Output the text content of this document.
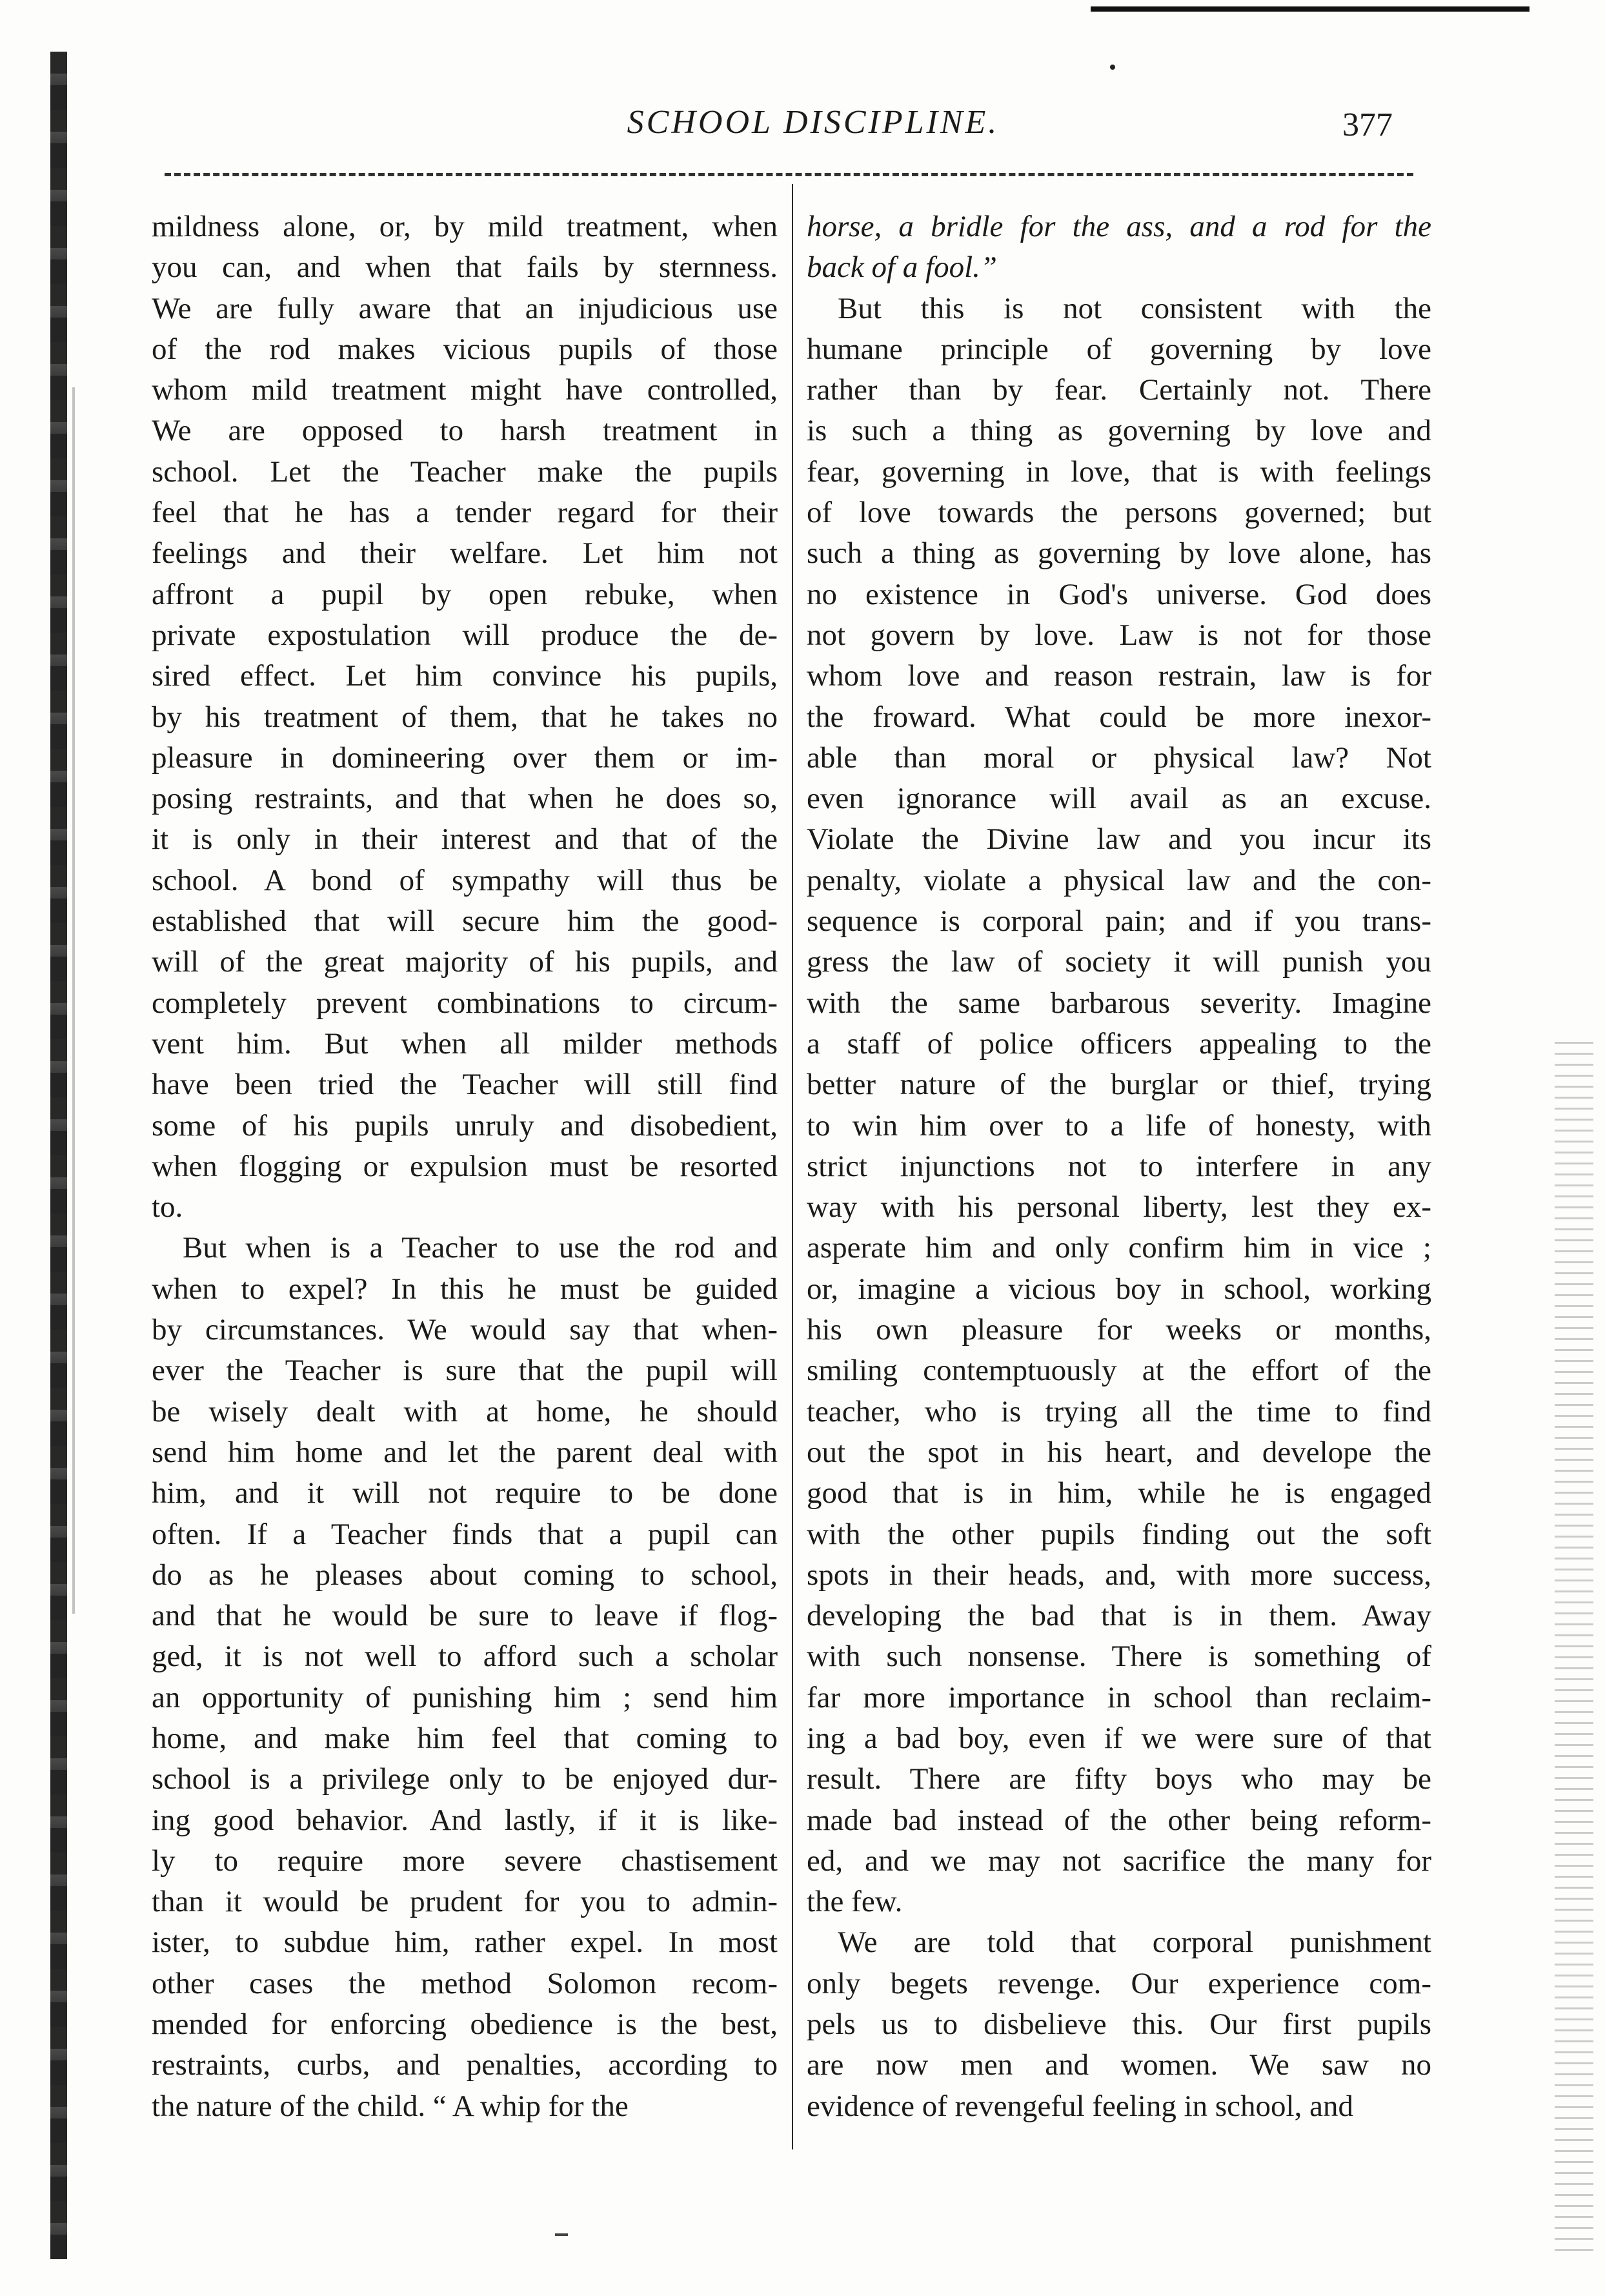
SCHOOL DISCIPLINE.	377
mildness alone, or, by mild treatment, when
you can, and when that fails by sternness.
We are fully aware that an injudicious use
of the rod makes vicious pupils of those
whom mild treatment might have controlled,
We are opposed to harsh treatment in
school. Let the Teacher make the pupils
feel that he has a tender regard for their
feelings and their welfare. Let him not
affront a pupil by open rebuke, when
private expostulation will produce the de-
sired effect. Let him convince his pupils,
by his treatment of them, that he takes no
pleasure in domineering over them or im-
posing restraints, and that when he does so,
it is only in their interest and that of the
school. A bond of sympathy will thus be
established that will secure him the good-
will of the great majority of his pupils, and
completely prevent combinations to circum-
vent him. But when all milder methods
have been tried the Teacher will still find
some of his pupils unruly and disobedient,
when flogging or expulsion must be resorted
to.
But when is a Teacher to use the rod and
when to expel? In this he must be guided
by circumstances. We would say that when-
ever the Teacher is sure that the pupil will
be wisely dealt with at home, he should
send him home and let the parent deal with
him, and it will not require to be done
often. If a Teacher finds that a pupil can
do as he pleases about coming to school,
and that he would be sure to leave if flog-
ged, it is not well to afford such a scholar
an opportunity of punishing him ; send him
home, and make him feel that coming to
school is a privilege only to be enjoyed dur-
ing good behavior. And lastly, if it is like-
ly to require more severe chastisement
than it would be prudent for you to admin-
ister, to subdue him, rather expel. In most
other cases the method Solomon recom-
mended for enforcing obedience is the best,
restraints, curbs, and penalties, according to
the nature of the child. “ A whip for the
horse, a bridle for the ass, and a rod for the
back of a fool.”
But this is not consistent with the
humane principle of governing by love
rather than by fear. Certainly not. There
is such a thing as governing by love and
fear, governing in love, that is with feelings
of love towards the persons governed; but
such a thing as governing by love alone, has
no existence in God's universe. God does
not govern by love. Law is not for those
whom love and reason restrain, law is for
the froward. What could be more inexor-
able than moral or physical law? Not
even ignorance will avail as an excuse.
Violate the Divine law and you incur its
penalty, violate a physical law and the con-
sequence is corporal pain; and if you trans-
gress the law of society it will punish you
with the same barbarous severity. Imagine
a staff of police officers appealing to the
better nature of the burglar or thief, trying
to win him over to a life of honesty, with
strict injunctions not to interfere in any
way with his personal liberty, lest they ex-
asperate him and only confirm him in vice ;
or, imagine a vicious boy in school, working
his own pleasure for weeks or months,
smiling contemptuously at the effort of the
teacher, who is trying all the time to find
out the spot in his heart, and develope the
good that is in him, while he is engaged
with the other pupils finding out the soft
spots in their heads, and, with more success,
developing the bad that is in them. Away
with such nonsense. There is something of
far more importance in school than reclaim-
ing a bad boy, even if we were sure of that
result. There are fifty boys who may be
made bad instead of the other being reform-
ed, and we may not sacrifice the many for
the few.
We are told that corporal punishment
only begets revenge. Our experience com-
pels us to disbelieve this. Our first pupils
are now men and women. We saw no
evidence of revengeful feeling in school, and
